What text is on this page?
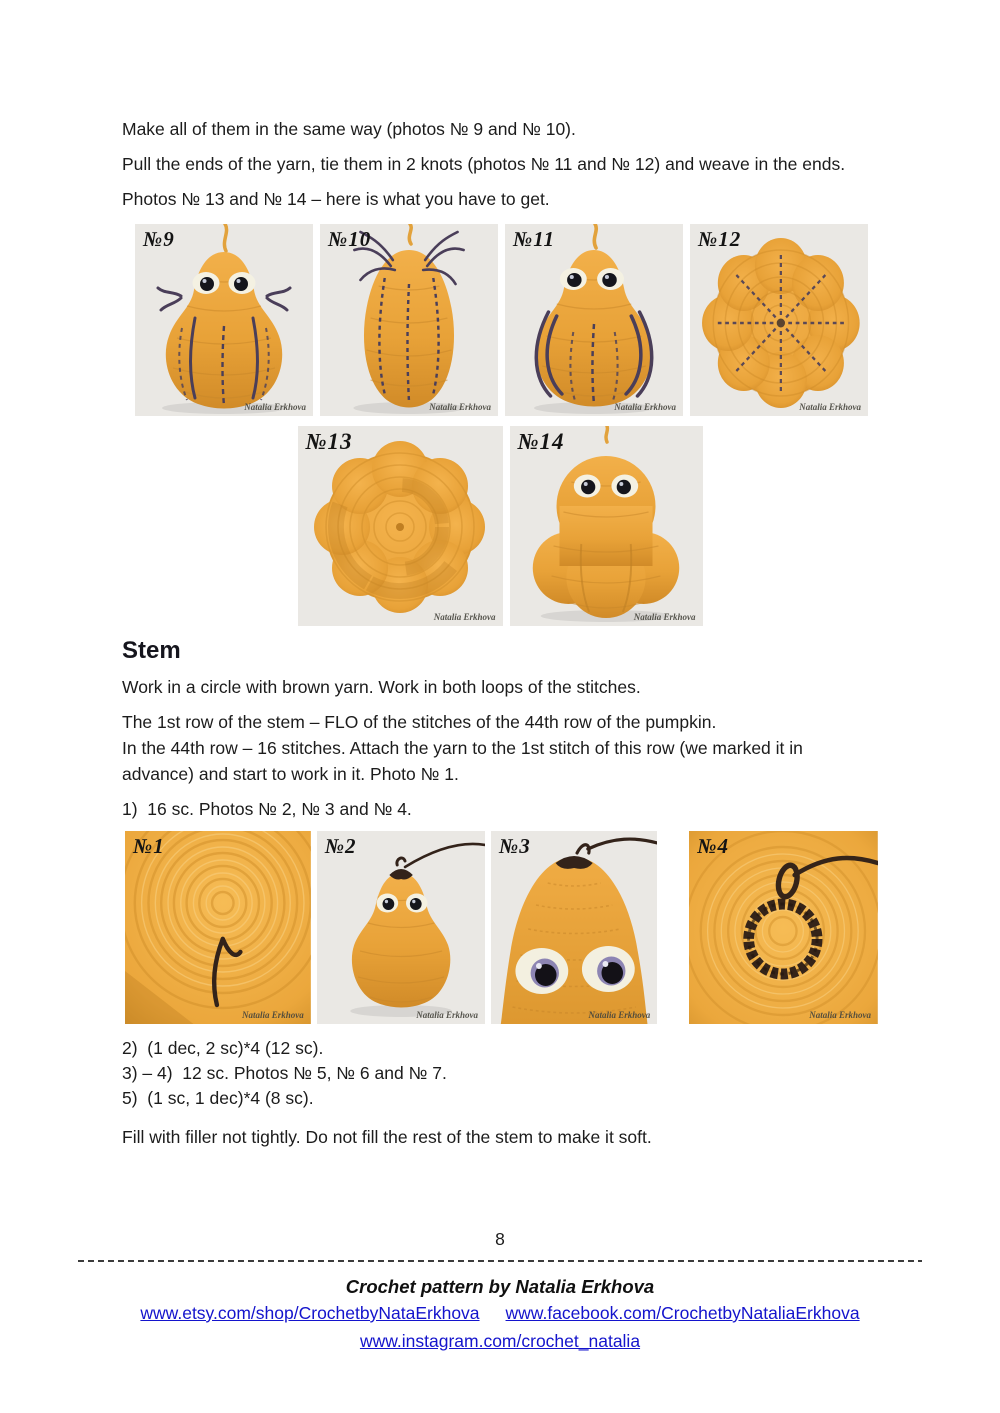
Make all of them in the same way (photos № 9 and № 10).

Pull the ends of the yarn, tie them in 2 knots (photos № 11 and № 12) and weave in the ends.

Photos № 13 and № 14 – here is what you have to get.

№9
Natalia Erkhova
№10
Natalia Erkhova
№11
Natalia Erkhova
№12
Natalia Erkhova
№13
Natalia Erkhova
№14
Natalia Erkhova
Stem

Work in a circle with brown yarn. Work in both loops of the stitches.

The 1st row of the stem – FLO of the stitches of the 44th row of the pumpkin.
In the 44th row – 16 stitches. Attach the yarn to the 1st stitch of this row (we marked it in advance) and start to work in it. Photo № 1.

1)  16 sc. Photos № 2, № 3 and № 4.

№1
Natalia Erkhova
№2
Natalia Erkhova
№3
Natalia Erkhova
№4
Natalia Erkhova

2)  (1 dec, 2 sc)*4 (12 sc).

3) – 4)  12 sc. Photos № 5, № 6 and № 7.

5)  (1 sc, 1 dec)*4 (8 sc).

Fill with filler not tightly. Do not fill the rest of the stem to make it soft.

8
Crochet pattern by Natalia Erkhova
www.etsy.com/shop/CrochetbyNataErkhova www.facebook.com/CrochetbyNataliaErkhova
www.instagram.com/crochet_natalia
